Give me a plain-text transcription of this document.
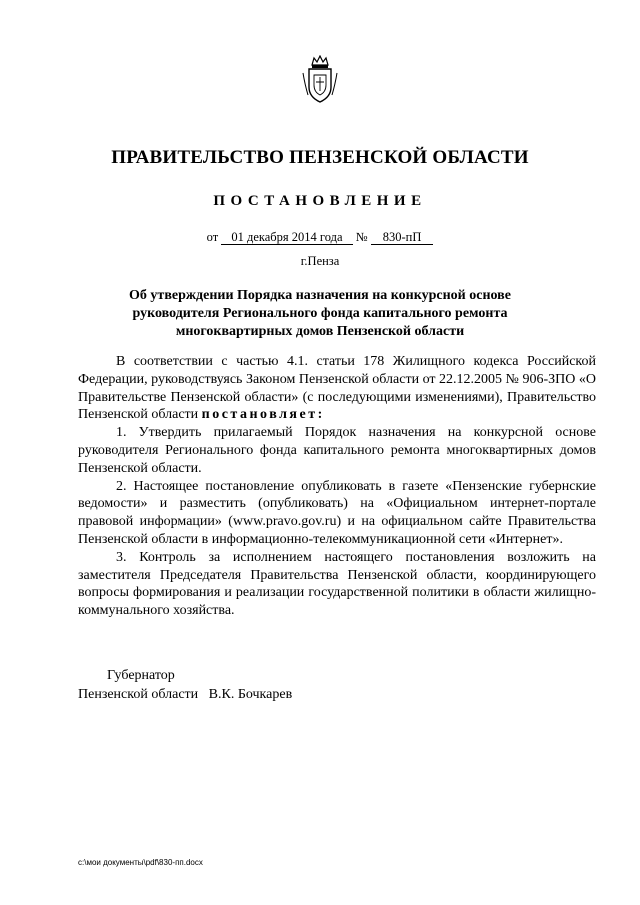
ПРАВИТЕЛЬСТВО ПЕНЗЕНСКОЙ ОБЛАСТИ
ПОСТАНОВЛЕНИЕ
от 01 декабря 2014 года № 830-пП
г.Пенза
Об утверждении Порядка назначения на конкурсной основе руководителя Регионального фонда капитального ремонта многоквартирных домов Пензенской области

В соответствии с частью 4.1. статьи 178 Жилищного кодекса Российской Федерации, руководствуясь Законом Пензенской области от 22.12.2005 № 906-ЗПО «О Правительстве Пензенской области» (с последующими изменениями), Правительство Пензенской области постановляет:

1. Утвердить прилагаемый Порядок назначения на конкурсной основе руководителя Регионального фонда капитального ремонта многоквартирных домов Пензенской области.

2. Настоящее постановление опубликовать в газете «Пензенские губернские ведомости» и разместить (опубликовать) на «Официальном интернет-портале правовой информации» (www.pravo.gov.ru) и на официальном сайте Правительства Пензенской области в информационно-телекоммуникационной сети «Интернет».

3. Контроль за исполнением настоящего постановления возложить на заместителя Председателя Правительства Пензенской области, координирующего вопросы формирования и реализации государственной политики в области жилищно-коммунального хозяйства.

Губернатор
Пензенской области В.К. Бочкарев
c:\мои документы\pdf\830-пп.docx
